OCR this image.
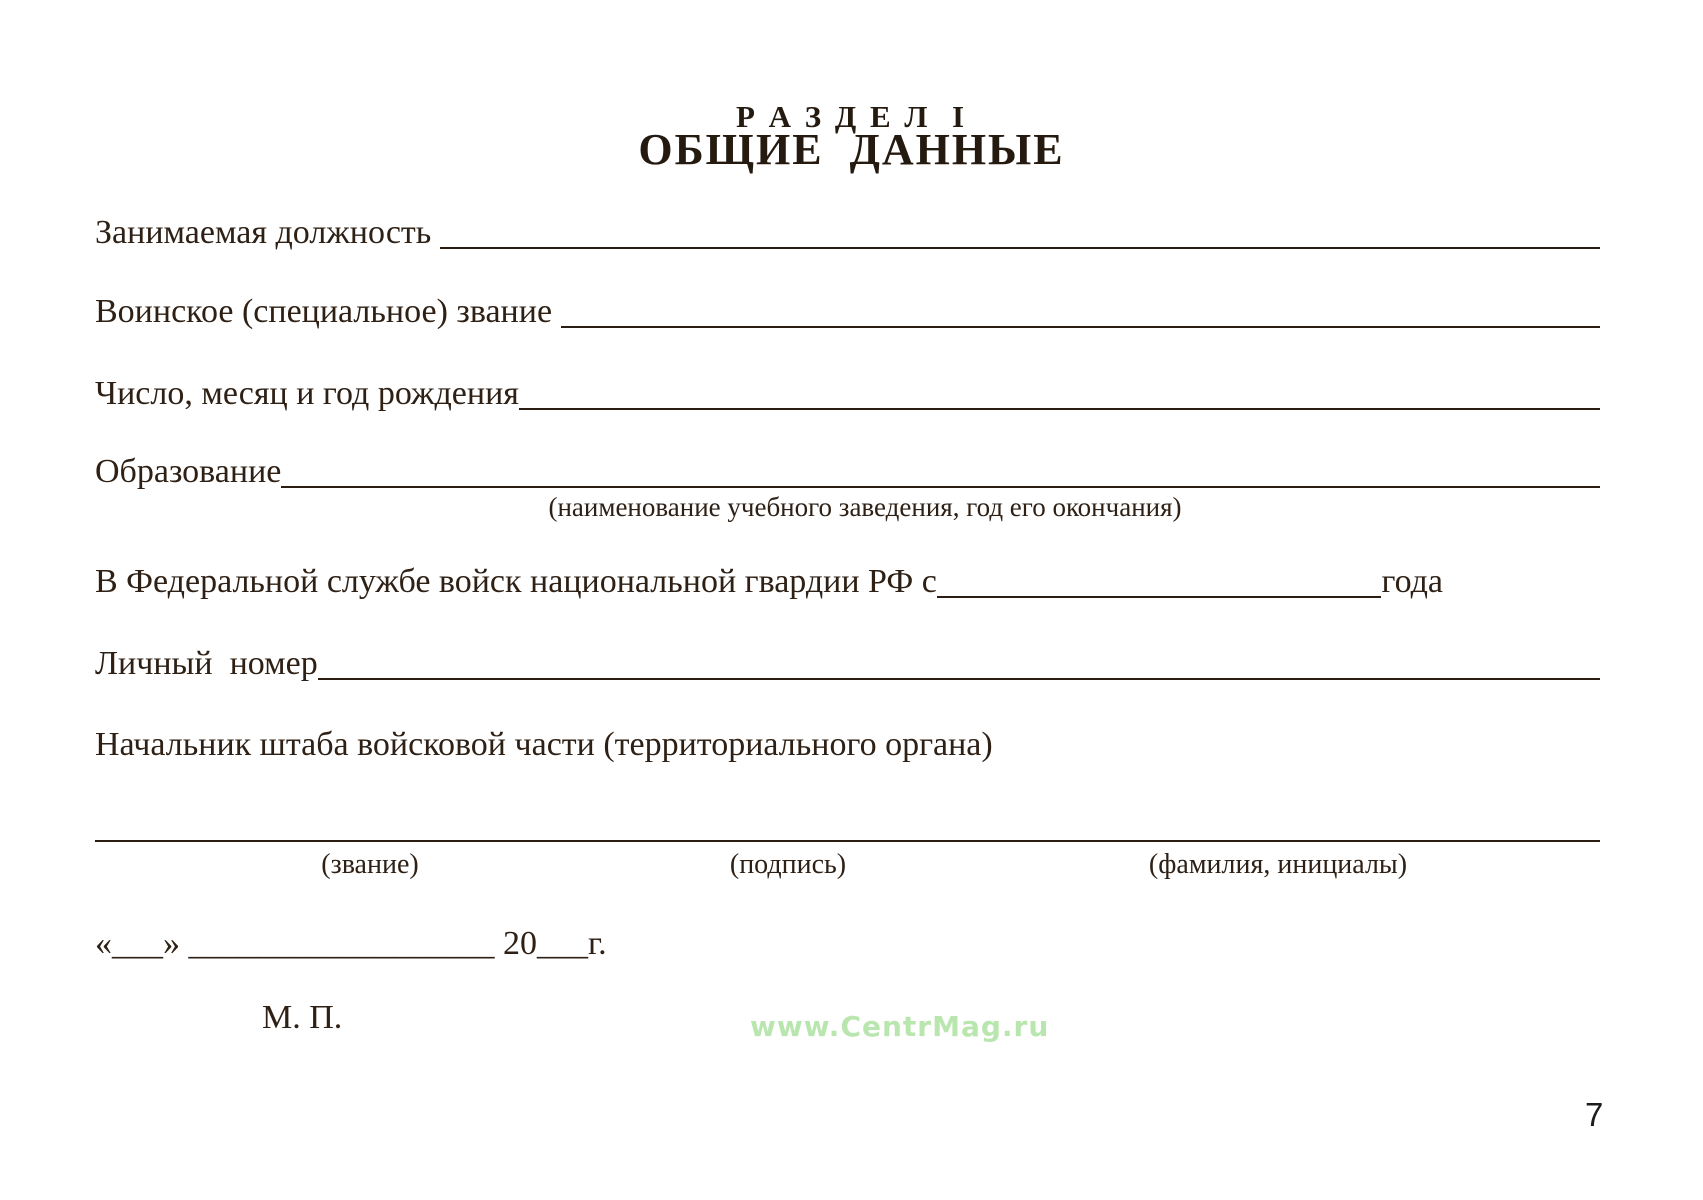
Р А З Д Е Л  I
ОБЩИЕ  ДАННЫЕ
Занимаемая должность
Воинское (специальное) звание
Число, месяц и год рождения
Образование
(наименование учебного заведения, год его окончания)
В Федеральной службе войск национальной гвардии РФ с	года
Личный  номер
Начальник штаба войсковой части (территориального органа)
(звание)	(подпись)	(фамилия, инициалы)
«___» __________________ 20___г.
М. П.	www.CentrMag.ru
7
